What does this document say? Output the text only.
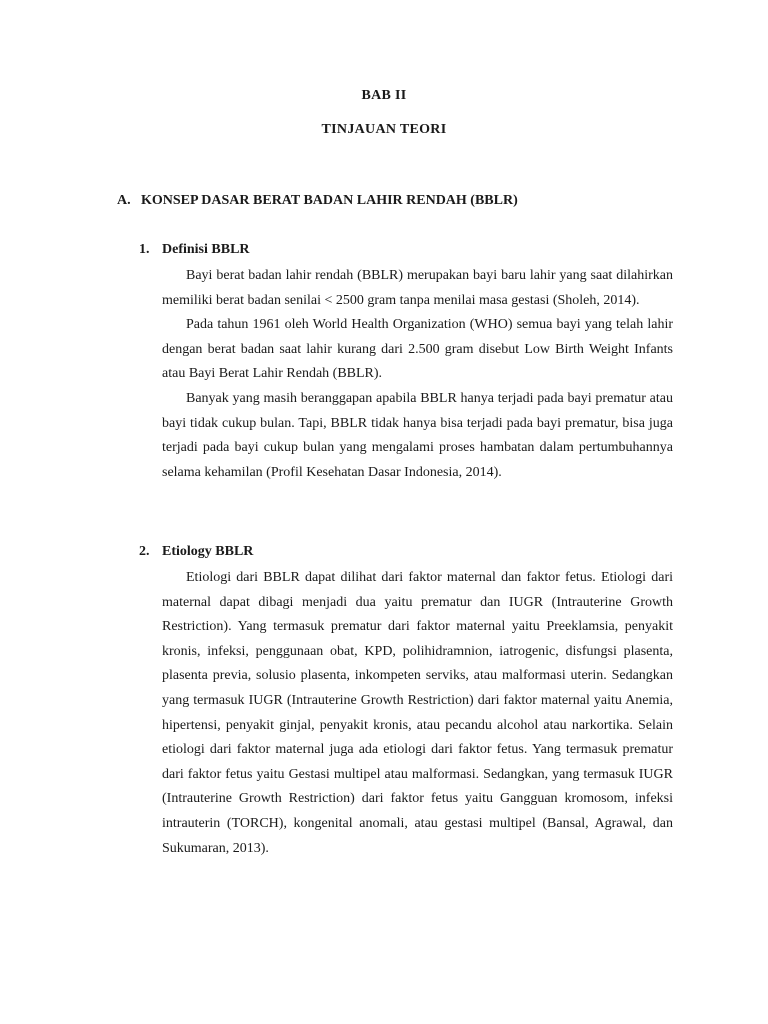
BAB II
TINJAUAN TEORI
A. KONSEP DASAR BERAT BADAN LAHIR RENDAH (BBLR)
1. Definisi BBLR

Bayi berat badan lahir rendah (BBLR) merupakan bayi baru lahir yang saat dilahirkan memiliki berat badan senilai < 2500 gram tanpa menilai masa gestasi (Sholeh, 2014).

Pada tahun 1961 oleh World Health Organization (WHO) semua bayi yang telah lahir dengan berat badan saat lahir kurang dari 2.500 gram disebut Low Birth Weight Infants atau Bayi Berat Lahir Rendah (BBLR).

Banyak yang masih beranggapan apabila BBLR hanya terjadi pada bayi prematur atau bayi tidak cukup bulan. Tapi, BBLR tidak hanya bisa terjadi pada bayi prematur, bisa juga terjadi pada bayi cukup bulan yang mengalami proses hambatan dalam pertumbuhannya selama kehamilan (Profil Kesehatan Dasar Indonesia, 2014).

2. Etiology BBLR

Etiologi dari BBLR dapat dilihat dari faktor maternal dan faktor fetus. Etiologi dari maternal dapat dibagi menjadi dua yaitu prematur dan IUGR (Intrauterine Growth Restriction). Yang termasuk prematur dari faktor maternal yaitu Preeklamsia, penyakit kronis, infeksi, penggunaan obat, KPD, polihidramnion, iatrogenic, disfungsi plasenta, plasenta previa, solusio plasenta, inkompeten serviks, atau malformasi uterin. Sedangkan yang termasuk IUGR (Intrauterine Growth Restriction) dari faktor maternal yaitu Anemia, hipertensi, penyakit ginjal, penyakit kronis, atau pecandu alcohol atau narkortika. Selain etiologi dari faktor maternal juga ada etiologi dari faktor fetus. Yang termasuk prematur dari faktor fetus yaitu Gestasi multipel atau malformasi. Sedangkan, yang termasuk IUGR (Intrauterine Growth Restriction) dari faktor fetus yaitu Gangguan kromosom, infeksi intrauterin (TORCH), kongenital anomali, atau gestasi multipel (Bansal, Agrawal, dan Sukumaran, 2013).
